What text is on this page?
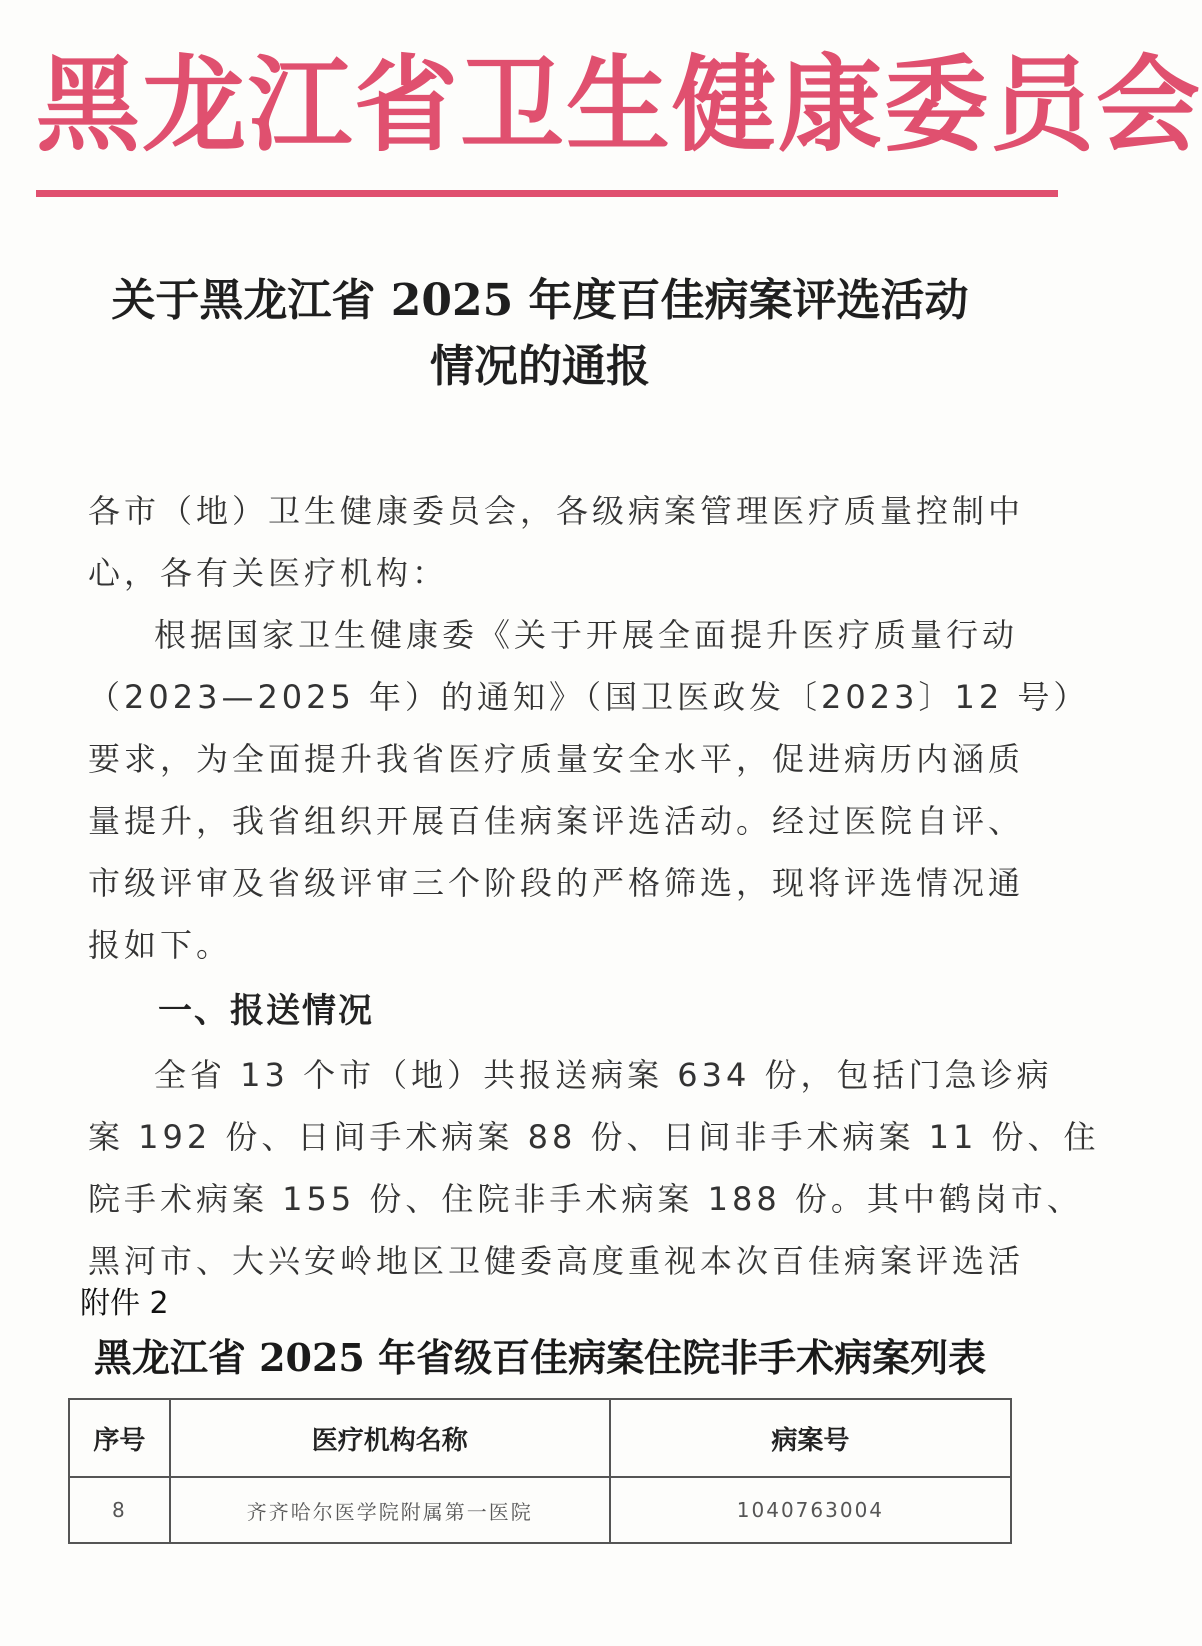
黑龙江省卫生健康委员会
关于黑龙江省 2025 年度百佳病案评选活动
情况的通报
各市（地）卫生健康委员会，各级病案管理医疗质量控制中
心，各有关医疗机构：
根据国家卫生健康委《关于开展全面提升医疗质量行动
（2023—2025 年）的通知》（国卫医政发〔2023〕12 号）
要求，为全面提升我省医疗质量安全水平，促进病历内涵质
量提升，我省组织开展百佳病案评选活动。经过医院自评、
市级评审及省级评审三个阶段的严格筛选，现将评选情况通
报如下。
一、报送情况
全省 13 个市（地）共报送病案 634 份，包括门急诊病
案 192 份、日间手术病案 88 份、日间非手术病案 11 份、住
院手术病案 155 份、住院非手术病案 188 份。其中鹤岗市、
黑河市、大兴安岭地区卫健委高度重视本次百佳病案评选活
附件 2
黑龙江省 2025 年省级百佳病案住院非手术病案列表
序号	医疗机构名称	病案号
8	齐齐哈尔医学院附属第一医院	1040763004
